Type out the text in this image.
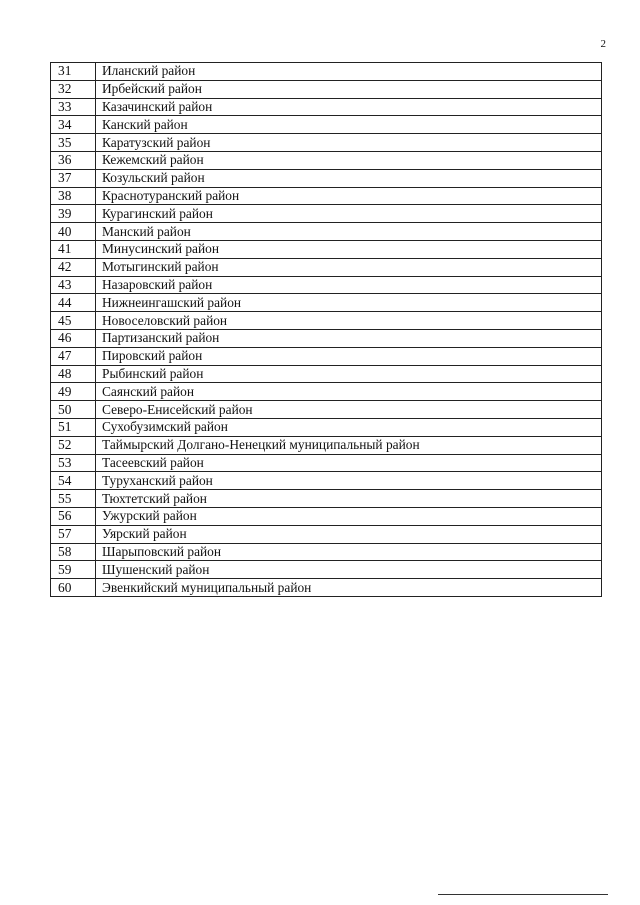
2
31	Иланский район
32	Ирбейский район
33	Казачинский район
34	Канский район
35	Каратузский район
36	Кежемский район
37	Козульский район
38	Краснотуранский район
39	Курагинский район
40	Манский район
41	Минусинский район
42	Мотыгинский район
43	Назаровский район
44	Нижнеингашский район
45	Новоселовский район
46	Партизанский район
47	Пировский район
48	Рыбинский район
49	Саянский район
50	Северо-Енисейский район
51	Сухобузимский район
52	Таймырский Долгано-Ненецкий муниципальный район
53	Тасеевский район
54	Туруханский район
55	Тюхтетский район
56	Ужурский район
57	Уярский район
58	Шарыповский район
59	Шушенский район
60	Эвенкийский муниципальный район
